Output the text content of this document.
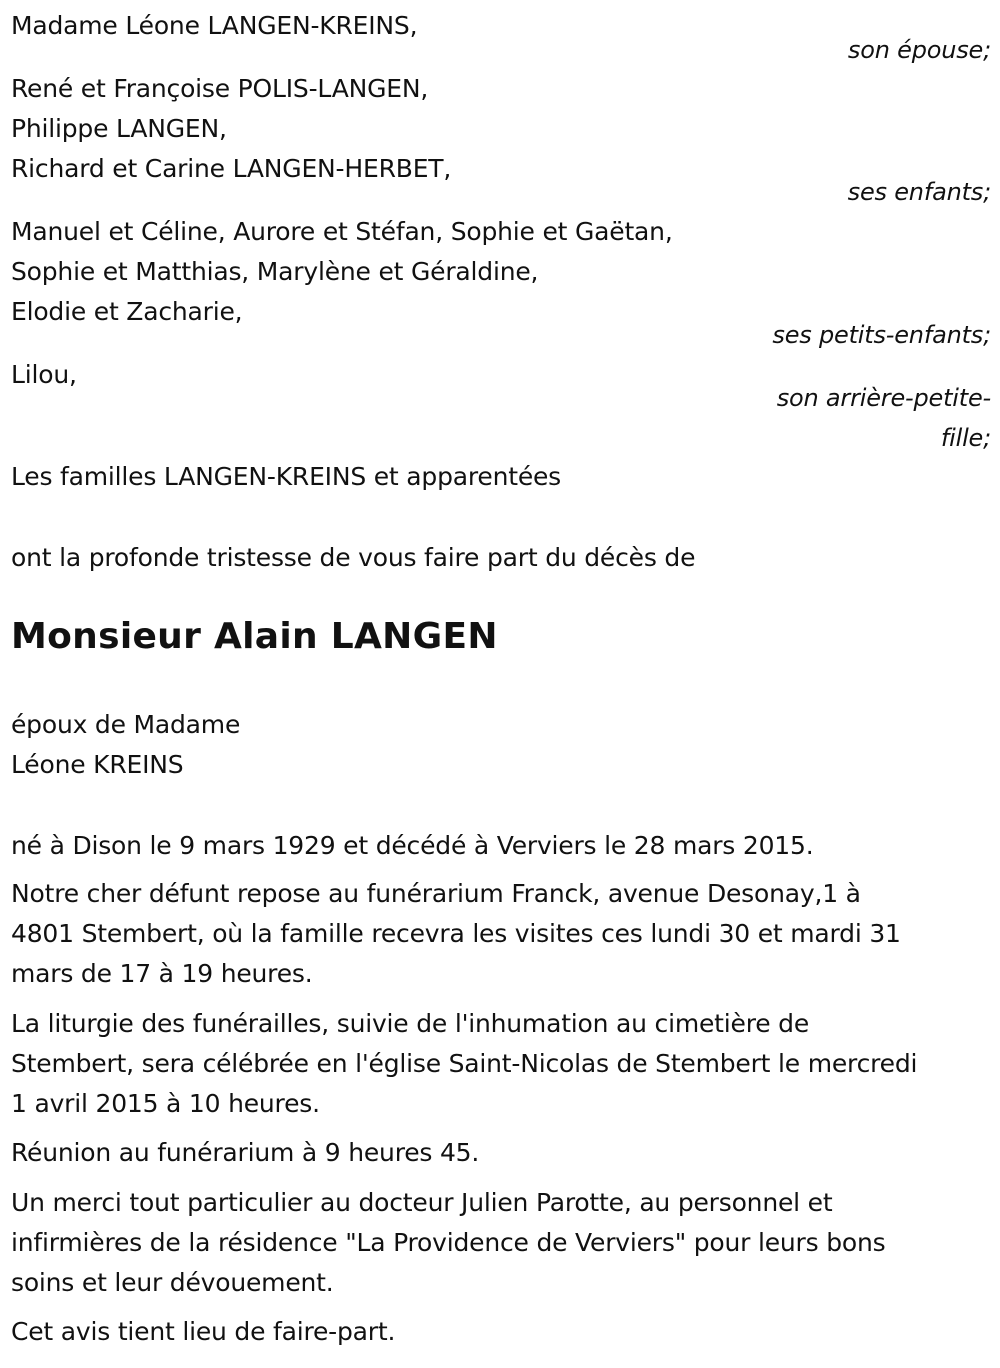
Madame Léone LANGEN-KREINS,
son épouse;
René et Françoise POLIS-LANGEN,
Philippe LANGEN,
Richard et Carine LANGEN-HERBET,
ses enfants;
Manuel et Céline, Aurore et Stéfan, Sophie et Gaëtan,
Sophie et Matthias, Marylène et Géraldine,
Elodie et Zacharie,
ses petits-enfants;
Lilou,
son arrière-petite-
fille;
Les familles LANGEN-KREINS et apparentées
ont la profonde tristesse de vous faire part du décès de
Monsieur Alain LANGEN
époux de Madame
Léone KREINS
né à Dison le 9 mars 1929 et décédé à Verviers le 28 mars 2015.
Notre cher défunt repose au funérarium Franck, avenue Desonay,1 à
4801 Stembert, où la famille recevra les visites ces lundi 30 et mardi 31
mars de 17 à 19 heures.
La liturgie des funérailles, suivie de l'inhumation au cimetière de
Stembert, sera célébrée en l'église Saint-Nicolas de Stembert le mercredi
1 avril 2015 à 10 heures.
Réunion au funérarium à 9 heures 45.
Un merci tout particulier au docteur Julien Parotte, au personnel et
infirmières de la résidence "La Providence de Verviers" pour leurs bons
soins et leur dévouement.
Cet avis tient lieu de faire-part.
